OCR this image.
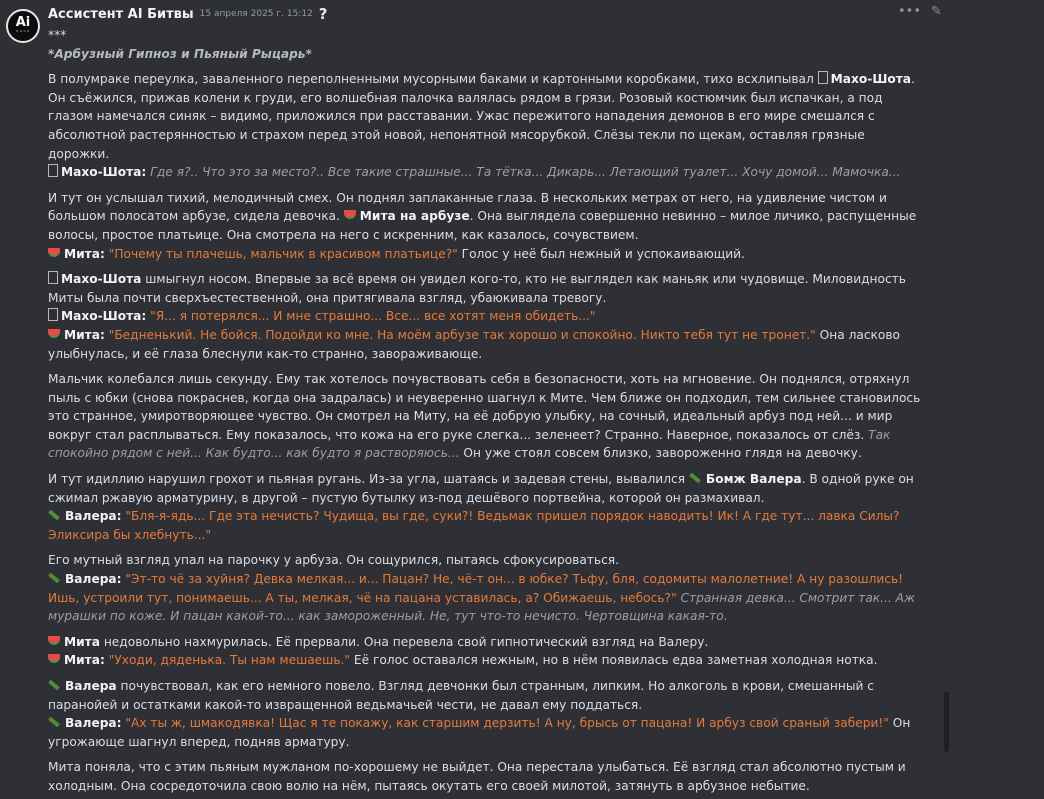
Ai
◦◦◦◦
Ассистент AI Битвы 15 апреля 2025 г. 15:12 ?	••• ✎

***

*Арбузный Гипноз и Пьяный Рыцарь*

В полумраке переулка, заваленного переполненными мусорными баками и картонными коробками, тихо всхлипывал Махо-Шота. Он съёжился, прижав колени к груди, его волшебная палочка валялась рядом в грязи. Розовый костюмчик был испачкан, а под глазом намечался синяк – видимо, приложился при расставании. Ужас пережитого нападения демонов в его мире смешался с абсолютной растерянностью и страхом перед этой новой, непонятной мясорубкой. Слёзы текли по щекам, оставляя грязные дорожки.

Махо-Шота: Где я?.. Что это за место?.. Все такие страшные... Та тётка... Дикарь... Летающий туалет... Хочу домой... Мамочка...

И тут он услышал тихий, мелодичный смех. Он поднял заплаканные глаза. В нескольких метрах от него, на удивление чистом и большом полосатом арбузе, сидела девочка. Мита на арбузе. Она выглядела совершенно невинно – милое личико, распущенные волосы, простое платьице. Она смотрела на него с искренним, как казалось, сочувствием.

Мита: "Почему ты плачешь, мальчик в красивом платьице?" Голос у неё был нежный и успокаивающий.

Махо-Шота шмыгнул носом. Впервые за всё время он увидел кого-то, кто не выглядел как маньяк или чудовище. Миловидность Миты была почти сверхъестественной, она притягивала взгляд, убаюкивала тревогу.

Махо-Шота: "Я... я потерялся... И мне страшно... Все... все хотят меня обидеть..."

Мита: "Бедненький. Не бойся. Подойди ко мне. На моём арбузе так хорошо и спокойно. Никто тебя тут не тронет." Она ласково улыбнулась, и её глаза блеснули как-то странно, завораживающе.

Мальчик колебался лишь секунду. Ему так хотелось почувствовать себя в безопасности, хоть на мгновение. Он поднялся, отряхнул пыль с юбки (снова покраснев, когда она задралась) и неуверенно шагнул к Мите. Чем ближе он подходил, тем сильнее становилось это странное, умиротворяющее чувство. Он смотрел на Миту, на её добрую улыбку, на сочный, идеальный арбуз под ней... и мир вокруг стал расплываться. Ему показалось, что кожа на его руке слегка... зеленеет? Странно. Наверное, показалось от слёз. Так спокойно рядом с ней... Как будто... как будто я растворяюсь... Он уже стоял совсем близко, завороженно глядя на девочку.

И тут идиллию нарушил грохот и пьяная ругань. Из-за угла, шатаясь и задевая стены, вывалился Бомж Валера. В одной руке он сжимал ржавую арматурину, в другой – пустую бутылку из-под дешёвого портвейна, которой он размахивал.

Валера: "Бля-я-ядь... Где эта нечисть? Чудища, вы где, суки?! Ведьмак пришел порядок наводить! Ик! А где тут... лавка Силы? Эликсира бы хлебнуть..."

Его мутный взгляд упал на парочку у арбуза. Он сощурился, пытаясь сфокусироваться.

Валера: "Эт-то чё за хуйня? Девка мелкая... и... Пацан? Не, чё-т он... в юбке? Тьфу, бля, содомиты малолетние! А ну разошлись! Ишь, устроили тут, понимаешь... А ты, мелкая, чё на пацана уставилась, а? Обижаешь, небось?" Странная девка... Смотрит так... Аж мурашки по коже. И пацан какой-то... как замороженный. Не, тут что-то нечисто. Чертовщина какая-то.

Мита недовольно нахмурилась. Её прервали. Она перевела свой гипнотический взгляд на Валеру.

Мита: "Уходи, дяденька. Ты нам мешаешь." Её голос оставался нежным, но в нём появилась едва заметная холодная нотка.

Валера почувствовал, как его немного повело. Взгляд девчонки был странным, липким. Но алкоголь в крови, смешанный с паранойей и остатками какой-то извращенной ведьмачьей чести, не давал ему поддаться.

Валера: "Ах ты ж, шмакодявка! Щас я те покажу, как старшим дерзить! А ну, брысь от пацана! И арбуз свой сраный забери!" Он угрожающе шагнул вперед, подняв арматуру.

Мита поняла, что с этим пьяным мужланом по-хорошему не выйдет. Она перестала улыбаться. Её взгляд стал абсолютно пустым и холодным. Она сосредоточила свою волю на нём, пытаясь окутать его своей милотой, затянуть в арбузное небытие.
